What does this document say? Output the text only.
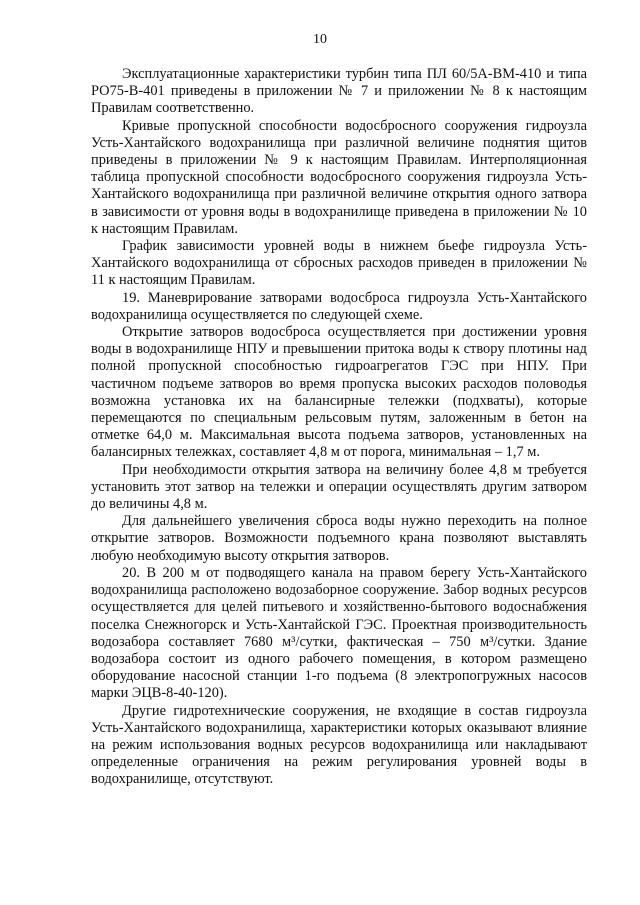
10

Эксплуатационные характеристики турбин типа ПЛ 60/5А-ВМ-410 и типа РО75-В-401 приведены в приложении № 7 и приложении № 8 к настоящим Правилам соответственно.

Кривые пропускной способности водосбросного сооружения гидроузла Усть-Хантайского водохранилища при различной величине поднятия щитов приведены в приложении № 9 к настоящим Правилам. Интерполяционная таблица пропускной способности водосбросного сооружения гидроузла Усть-Хантайского водохранилища при различной величине открытия одного затвора в зависимости от уровня воды в водохранилище приведена в приложении № 10 к настоящим Правилам.

График зависимости уровней воды в нижнем бьефе гидроузла Усть-Хантайского водохранилища от сбросных расходов приведен в приложении № 11 к настоящим Правилам.

19. Маневрирование затворами водосброса гидроузла Усть-Хантайского водохранилища осуществляется по следующей схеме.

Открытие затворов водосброса осуществляется при достижении уровня воды в водохранилище НПУ и превышении притока воды к створу плотины над полной пропускной способностью гидроагрегатов ГЭС при НПУ. При частичном подъеме затворов во время пропуска высоких расходов половодья возможна установка их на балансирные тележки (подхваты), которые перемещаются по специальным рельсовым путям, заложенным в бетон на отметке 64,0 м. Максимальная высота подъема затворов, установленных на балансирных тележках, составляет 4,8 м от порога, минимальная – 1,7 м.

При необходимости открытия затвора на величину более 4,8 м требуется установить этот затвор на тележки и операции осуществлять другим затвором до величины 4,8 м.

Для дальнейшего увеличения сброса воды нужно переходить на полное открытие затворов. Возможности подъемного крана позволяют выставлять любую необходимую высоту открытия затворов.

20. В 200 м от подводящего канала на правом берегу Усть-Хантайского водохранилища расположено водозаборное сооружение. Забор водных ресурсов осуществляется для целей питьевого и хозяйственно-бытового водоснабжения поселка Снежногорск и Усть-Хантайской ГЭС. Проектная производительность водозабора составляет 7680 м³/сутки, фактическая – 750 м³/сутки. Здание водозабора состоит из одного рабочего помещения, в котором размещено оборудование насосной станции 1-го подъема (8 электропогружных насосов марки ЭЦВ-8-40-120).

Другие гидротехнические сооружения, не входящие в состав гидроузла Усть-Хантайского водохранилища, характеристики которых оказывают влияние на режим использования водных ресурсов водохранилища или накладывают определенные ограничения на режим регулирования уровней воды в водохранилище, отсутствуют.
